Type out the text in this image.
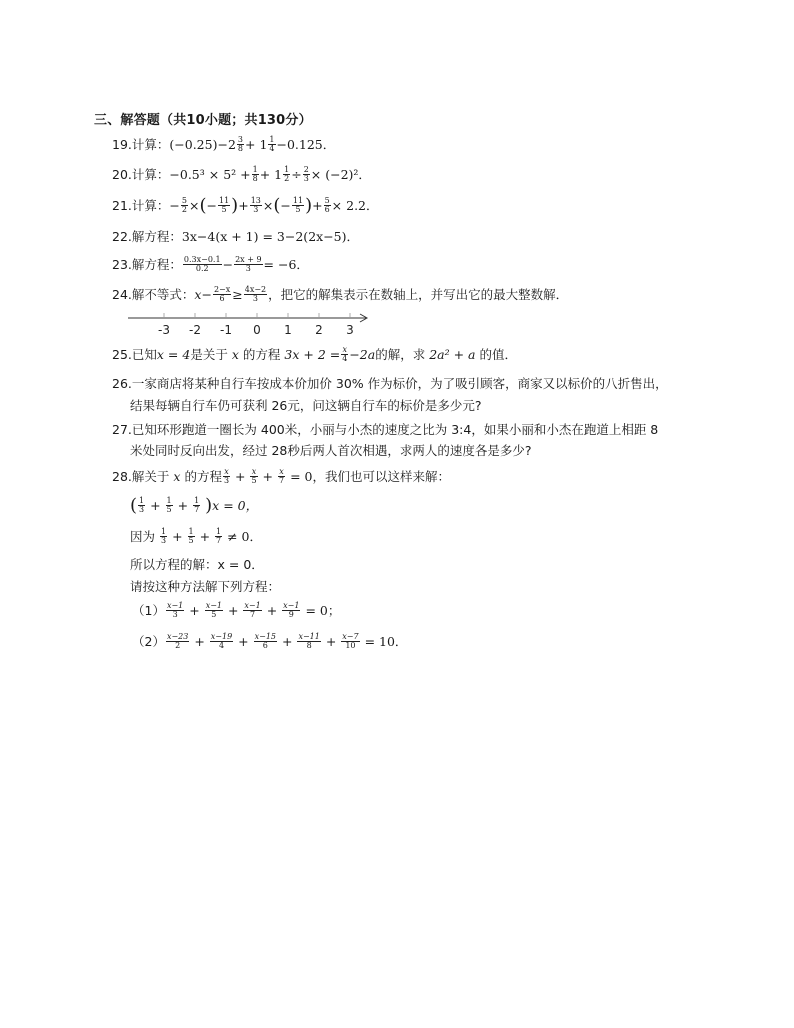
三、解答题（共10小题；共130分）
19.计算：$(-0.25)-2 \frac{3}{8} + 1 \frac{1}{4} -0.125$．
20.计算：$-0.5^3 \times 5^2 + \frac{1}{8} + 1 \frac{1}{2} \div \frac{2}{3} \times (-2)^2$．
21.计算：− $\frac{5}{2}$ ×(− $\frac{11}{5}$ )+ $\frac{13}{3}$ ×(− $\frac{11}{5}$ )+ $\frac{5}{6} \times 2.2$．
22.解方程：3x−4(x + 1) = 3−2(2x−5)．
23.解方程： $\frac{0.3x-0.1}{0.2} - \frac{2x + 9}{3} = -6$．
24.解不等式：$x- \frac{2-x}{6} \ge \frac{4x-2}{3}$ ，把它的解集表示在数轴上，并写出它的最大整数解．
-3 -2 -1 0 1 2 3
25.已知x = 4是关于 x 的方程 $3x + 2 = \frac{x}{4} -2a$的解，求 2a² + a 的值．
26.一家商店将某种自行车按成本价加价 30% 作为标价，为了吸引顾客，商家又以标价的八折售出，
结果每辆自行车仍可获利 26元，问这辆自行车的标价是多少元?
27.已知环形跑道一圈长为 400米，小丽与小杰的速度之比为 3:4，如果小丽和小杰在跑道上相距 8
米处同时反向出发，经过 28秒后两人首次相遇，求两人的速度各是多少?
28.解关于 x 的方程 $\frac{x}{3} + \frac{x}{5} + \frac{x}{7} = 0$，我们也可以这样来解：
( $\frac{1}{3} + \frac{1}{5} + \frac{1}{7} )x = 0$，
因为 $\frac{1}{3} + \frac{1}{5} + \frac{1}{7} \ne 0$．
所以方程的解：x = 0．
请按这种方法解下列方程：
$(1) \frac{x-1}{3} + \frac{x-1}{5} + \frac{x-1}{7} + \frac{x-1}{9} = 0$；
$(2) \frac{x-23}{2} + \frac{x-19}{4} + \frac{x-15}{6} + \frac{x-11}{8} + \frac{x-7}{10} = 10$．
